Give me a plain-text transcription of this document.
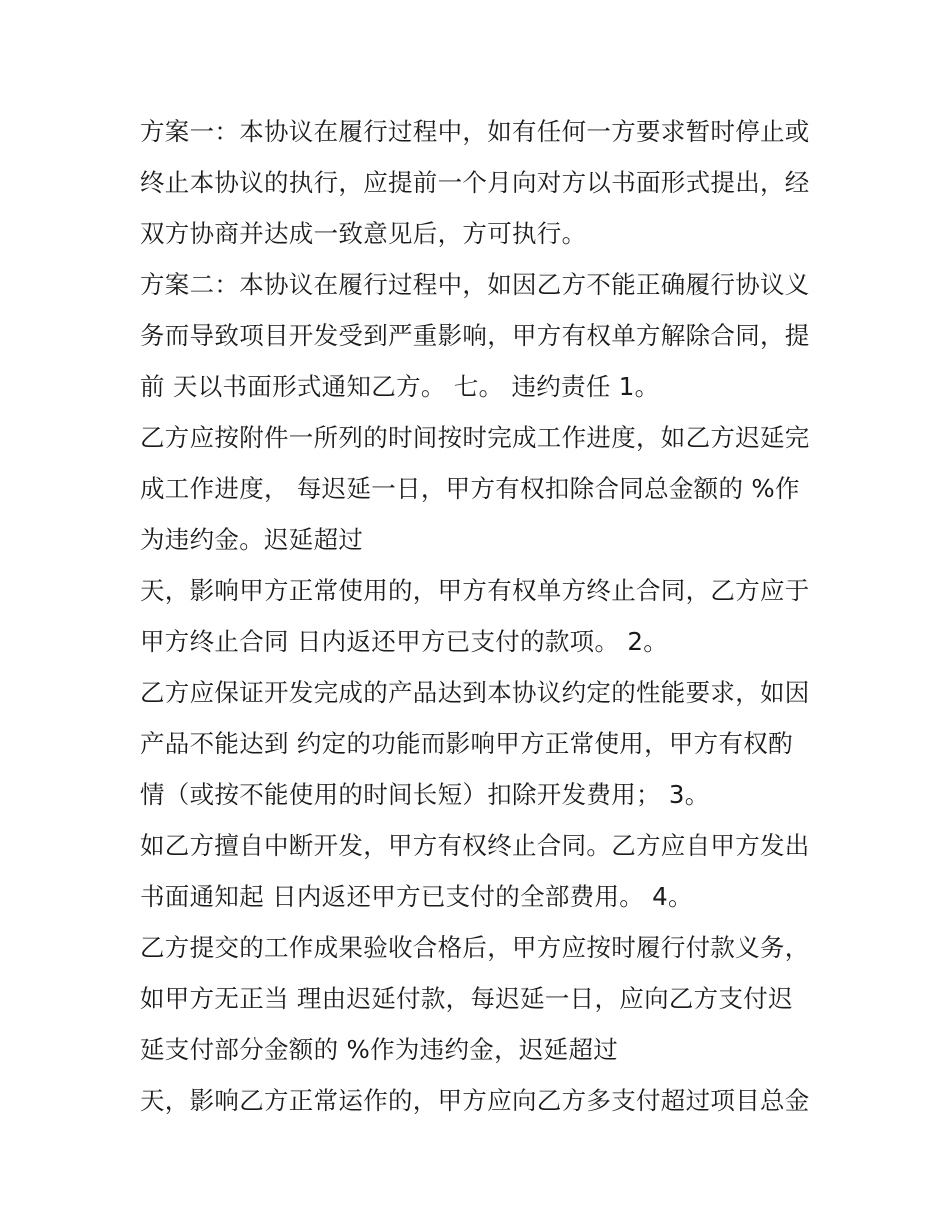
方案一：本协议在履行过程中，如有任何一方要求暂时停止或
终止本协议的执行，应提前一个月向对方以书面形式提出，经
双方协商并达成一致意见后，方可执行。
方案二：本协议在履行过程中，如因乙方不能正确履行协议义
务而导致项目开发受到严重影响，甲方有权单方解除合同，提
前 天以书面形式通知乙方。 七。 违约责任 1。
乙方应按附件一所列的时间按时完成工作进度，如乙方迟延完
成工作进度， 每迟延一日，甲方有权扣除合同总金额的 %作
为违约金。迟延超过
天，影响甲方正常使用的，甲方有权单方终止合同，乙方应于
甲方终止合同 日内返还甲方已支付的款项。 2。
乙方应保证开发完成的产品达到本协议约定的性能要求，如因
产品不能达到 约定的功能而影响甲方正常使用，甲方有权酌
情（或按不能使用的时间长短）扣除开发费用； 3。
如乙方擅自中断开发，甲方有权终止合同。乙方应自甲方发出
书面通知起 日内返还甲方已支付的全部费用。 4。
乙方提交的工作成果验收合格后，甲方应按时履行付款义务，
如甲方无正当 理由迟延付款，每迟延一日，应向乙方支付迟
延支付部分金额的 %作为违约金，迟延超过
天，影响乙方正常运作的，甲方应向乙方多支付超过项目总金
